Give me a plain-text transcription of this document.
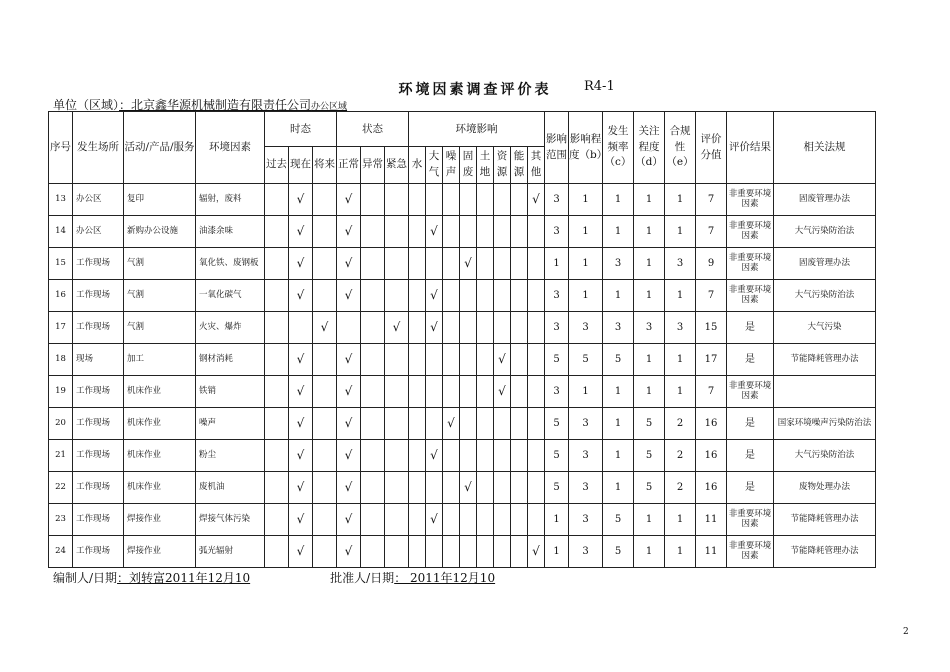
环境因素调查评价表	R4-1
单位（区域）：北京鑫华源机械制造有限责任公司办公区域
序号	发生场所	活动/产品/服务	环境因素	时态			状态			环境影响								影响范围	影响程度（b）	发生频率（c）	关注程度（d）	合规性（e）	评价分值	评价结果	相关法规
				过去	现在	将来	正常	异常	紧急	水	大气	噪声	固废	土地	资源	能源	其他								
13	办公区	复印	辐射，废料		√		√										√	3	1	1	1	1	7	非重要环境因素	固废管理办法
14	办公区	新购办公设施	油漆余味		√		√				√							3	1	1	1	1	7	非重要环境因素	大气污染防治法
15	工作现场	气割	氧化铁、废钢板		√		√						√					1	1	3	1	3	9	非重要环境因素	固废管理办法
16	工作现场	气割	一氧化碳气		√		√				√							3	1	1	1	1	7	非重要环境因素	大气污染防治法
17	工作现场	气割	火灾、爆炸			√			√		√							3	3	3	3	3	15	是	大气污染
18	现场	加工	钢材消耗		√		√								√			5	5	5	1	1	17	是	节能降耗管理办法
19	工作现场	机床作业	铁销		√		√								√			3	1	1	1	1	7	非重要环境因素	
20	工作现场	机床作业	噪声		√		√					√						5	3	1	5	2	16	是	国家环境噪声污染防治法
21	工作现场	机床作业	粉尘		√		√				√							5	3	1	5	2	16	是	大气污染防治法
22	工作现场	机床作业	废机油		√		√						√					5	3	1	5	2	16	是	废物处理办法
23	工作现场	焊接作业	焊接气体污染		√		√				√							1	3	5	1	1	11	非重要环境因素	节能降耗管理办法
24	工作现场	焊接作业	弧光辐射		√		√										√	1	3	5	1	1	11	非重要环境因素	节能降耗管理办法
编制人/日期：刘转富2011年12月10	批准人/日期： 2011年12月10
2
